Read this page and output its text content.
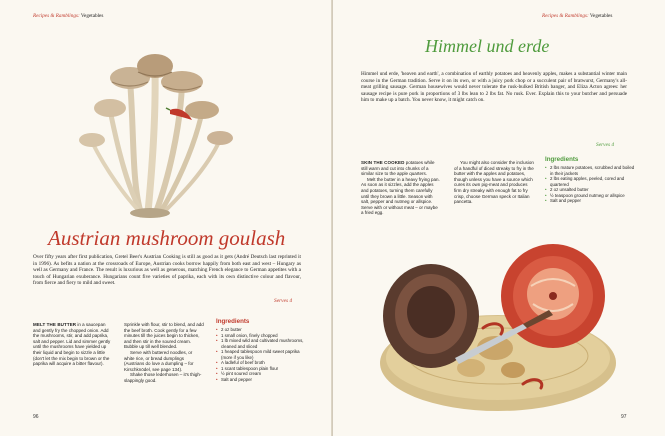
Recipes & Ramblings: Vegetables
Austrian mushroom goulash
Over fifty years after first publication, Gretel Beer's Austrian Cooking is still as good as it gets (André Deutsch last reprinted it in 1996). As befits a nation at the crossroads of Europe, Austrian cooks borrow happily from both east and west – Hungary as well as Germany and France. The result is luxurious as well as generous, matching French elegance to German appetites with a touch of Hungarian exuberance. Hungarians count five varieties of paprika, each with its own distinctive colour and flavour, from fierce and fiery to mild and sweet.
Serves 4
MELT THE BUTTER in a saucepan and gently fry the chopped onion. Add the mushrooms, stir, and add paprika, salt and pepper. Lid and simmer gently until the mushrooms have yielded up their liquid and begin to sizzle a little (don't let the mix begin to brown or the paprika will acquire a bitter flavour).
Sprinkle with flour, stir to blend, and add the beef broth. Cook gently for a few minutes till the juices begin to thicken, and then stir in the soured cream. Bubble up till well blended.
Serve with buttered noodles, or white rice, or bread dumplings (Austrians do love a dumpling – for Kirschknödel, see page 134).
Shake those lederhosen – it's thigh-slappingly good.
Ingredients
• 2 oz butter
• 1 small onion, finely chopped
• 1 lb mixed wild and cultivated mushrooms, cleaned and sliced
• 1 heaped tablespoon mild sweet paprika (more if you like)
• A ladleful of beef broth
• 1 scant tablespoon plain flour
• ½ pint soured cream
• Salt and pepper
96
Recipes & Ramblings: Vegetables
Himmel und erde
Himmel und erde, 'heaven and earth', a combination of earthly potatoes and heavenly apples, makes a substantial winter main course in the German tradition. Serve it on its own, or with a juicy pork chop or a succulent pair of bratwurst, Germany's all-meat grilling sausage. German housewives would never tolerate the rusk-bulked British banger, and Eliza Acton agrees: her sausage recipe is pure pork in proportions of 3 lbs lean to 2 lbs fat. No rusk. Ever. Explain this to your butcher and persuade him to make up a batch. You never know, it might catch on.
Serves 4
SKIN THE COOKED potatoes while still warm and cut into chunks of a similar size to the apple quarters.
Melt the butter in a heavy frying pan. As soon as it sizzles, add the apples and potatoes, turning them carefully until they brown a little. Season with salt, pepper and nutmeg or allspice. Serve with or without meat – or maybe a fried egg.
You might also consider the inclusion of a handful of diced streaky to fry in the butter with the apples and potatoes, though unless you have a source which cures its own pig-meat and produces firm dry streaky with enough fat to fry crisp, choose German speck or Italian pancetta.
Ingredients
• 2 lbs mature potatoes, scrubbed and boiled in their jackets
• 2 lbs eating apples, peeled, cored and quartered
• 2 oz unsalted butter
• ½ teaspoon ground nutmeg or allspice
• Salt and pepper
97
